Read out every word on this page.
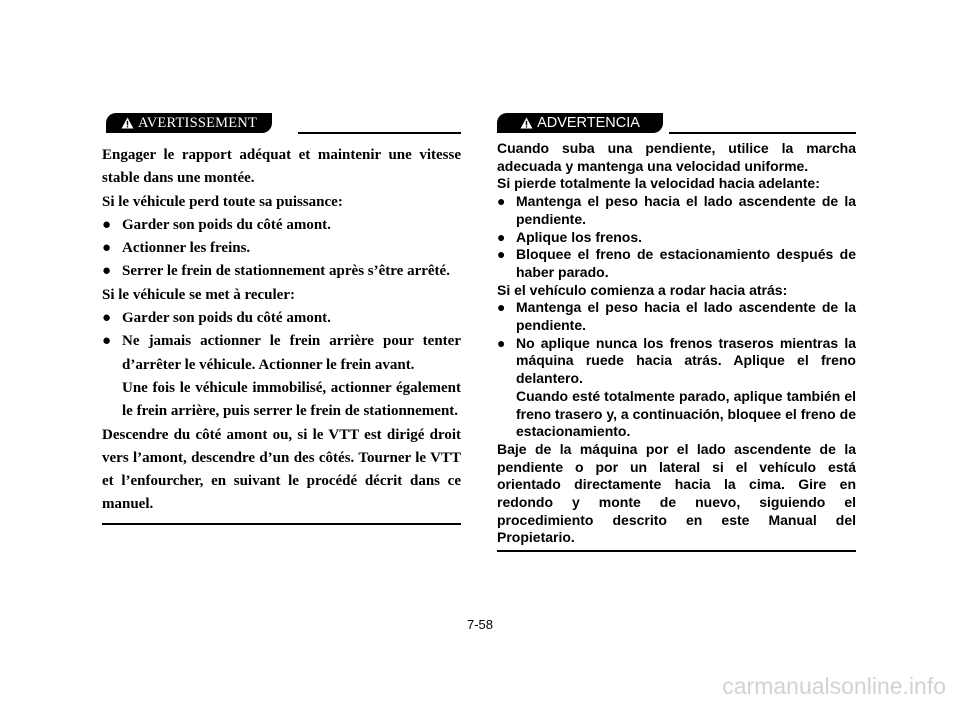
AVERTISSEMENT

Engager le rapport adéquat et maintenir une vitesse stable dans une montée.

Si le véhicule perd toute sa puissance:

● Garder son poids du côté amont.
● Actionner les freins.
● Serrer le frein de stationnement après s’être arrêté.

Si le véhicule se met à reculer:

● Garder son poids du côté amont.
● Ne jamais actionner le frein arrière pour tenter d’arrêter le véhicule. Actionner le frein avant.

Une fois le véhicule immobilisé, actionner également le frein arrière, puis serrer le frein de stationnement.

Descendre du côté amont ou, si le VTT est dirigé droit vers l’amont, descendre d’un des côtés. Tourner le VTT et l’enfourcher, en suivant le procédé décrit dans ce manuel.

ADVERTENCIA

Cuando suba una pendiente, utilice la marcha adecuada y mantenga una velocidad uniforme.

Si pierde totalmente la velocidad hacia adelante:

● Mantenga el peso hacia el lado ascendente de la pendiente.
● Aplique los frenos.
● Bloquee el freno de estacionamiento después de haber parado.

Si el vehículo comienza a rodar hacia atrás:

● Mantenga el peso hacia el lado ascendente de la pendiente.
● No aplique nunca los frenos traseros mientras la máquina ruede hacia atrás. Aplique el freno delantero.

Cuando esté totalmente parado, aplique también el freno trasero y, a continuación, bloquee el freno de estacionamiento.

Baje de la máquina por el lado ascendente de la pendiente o por un lateral si el vehículo está orientado directamente hacia la cima. Gire en redondo y monte de nuevo, siguiendo el procedimiento descrito en este Manual del Propietario.

7-58
carmanualsonline.info
